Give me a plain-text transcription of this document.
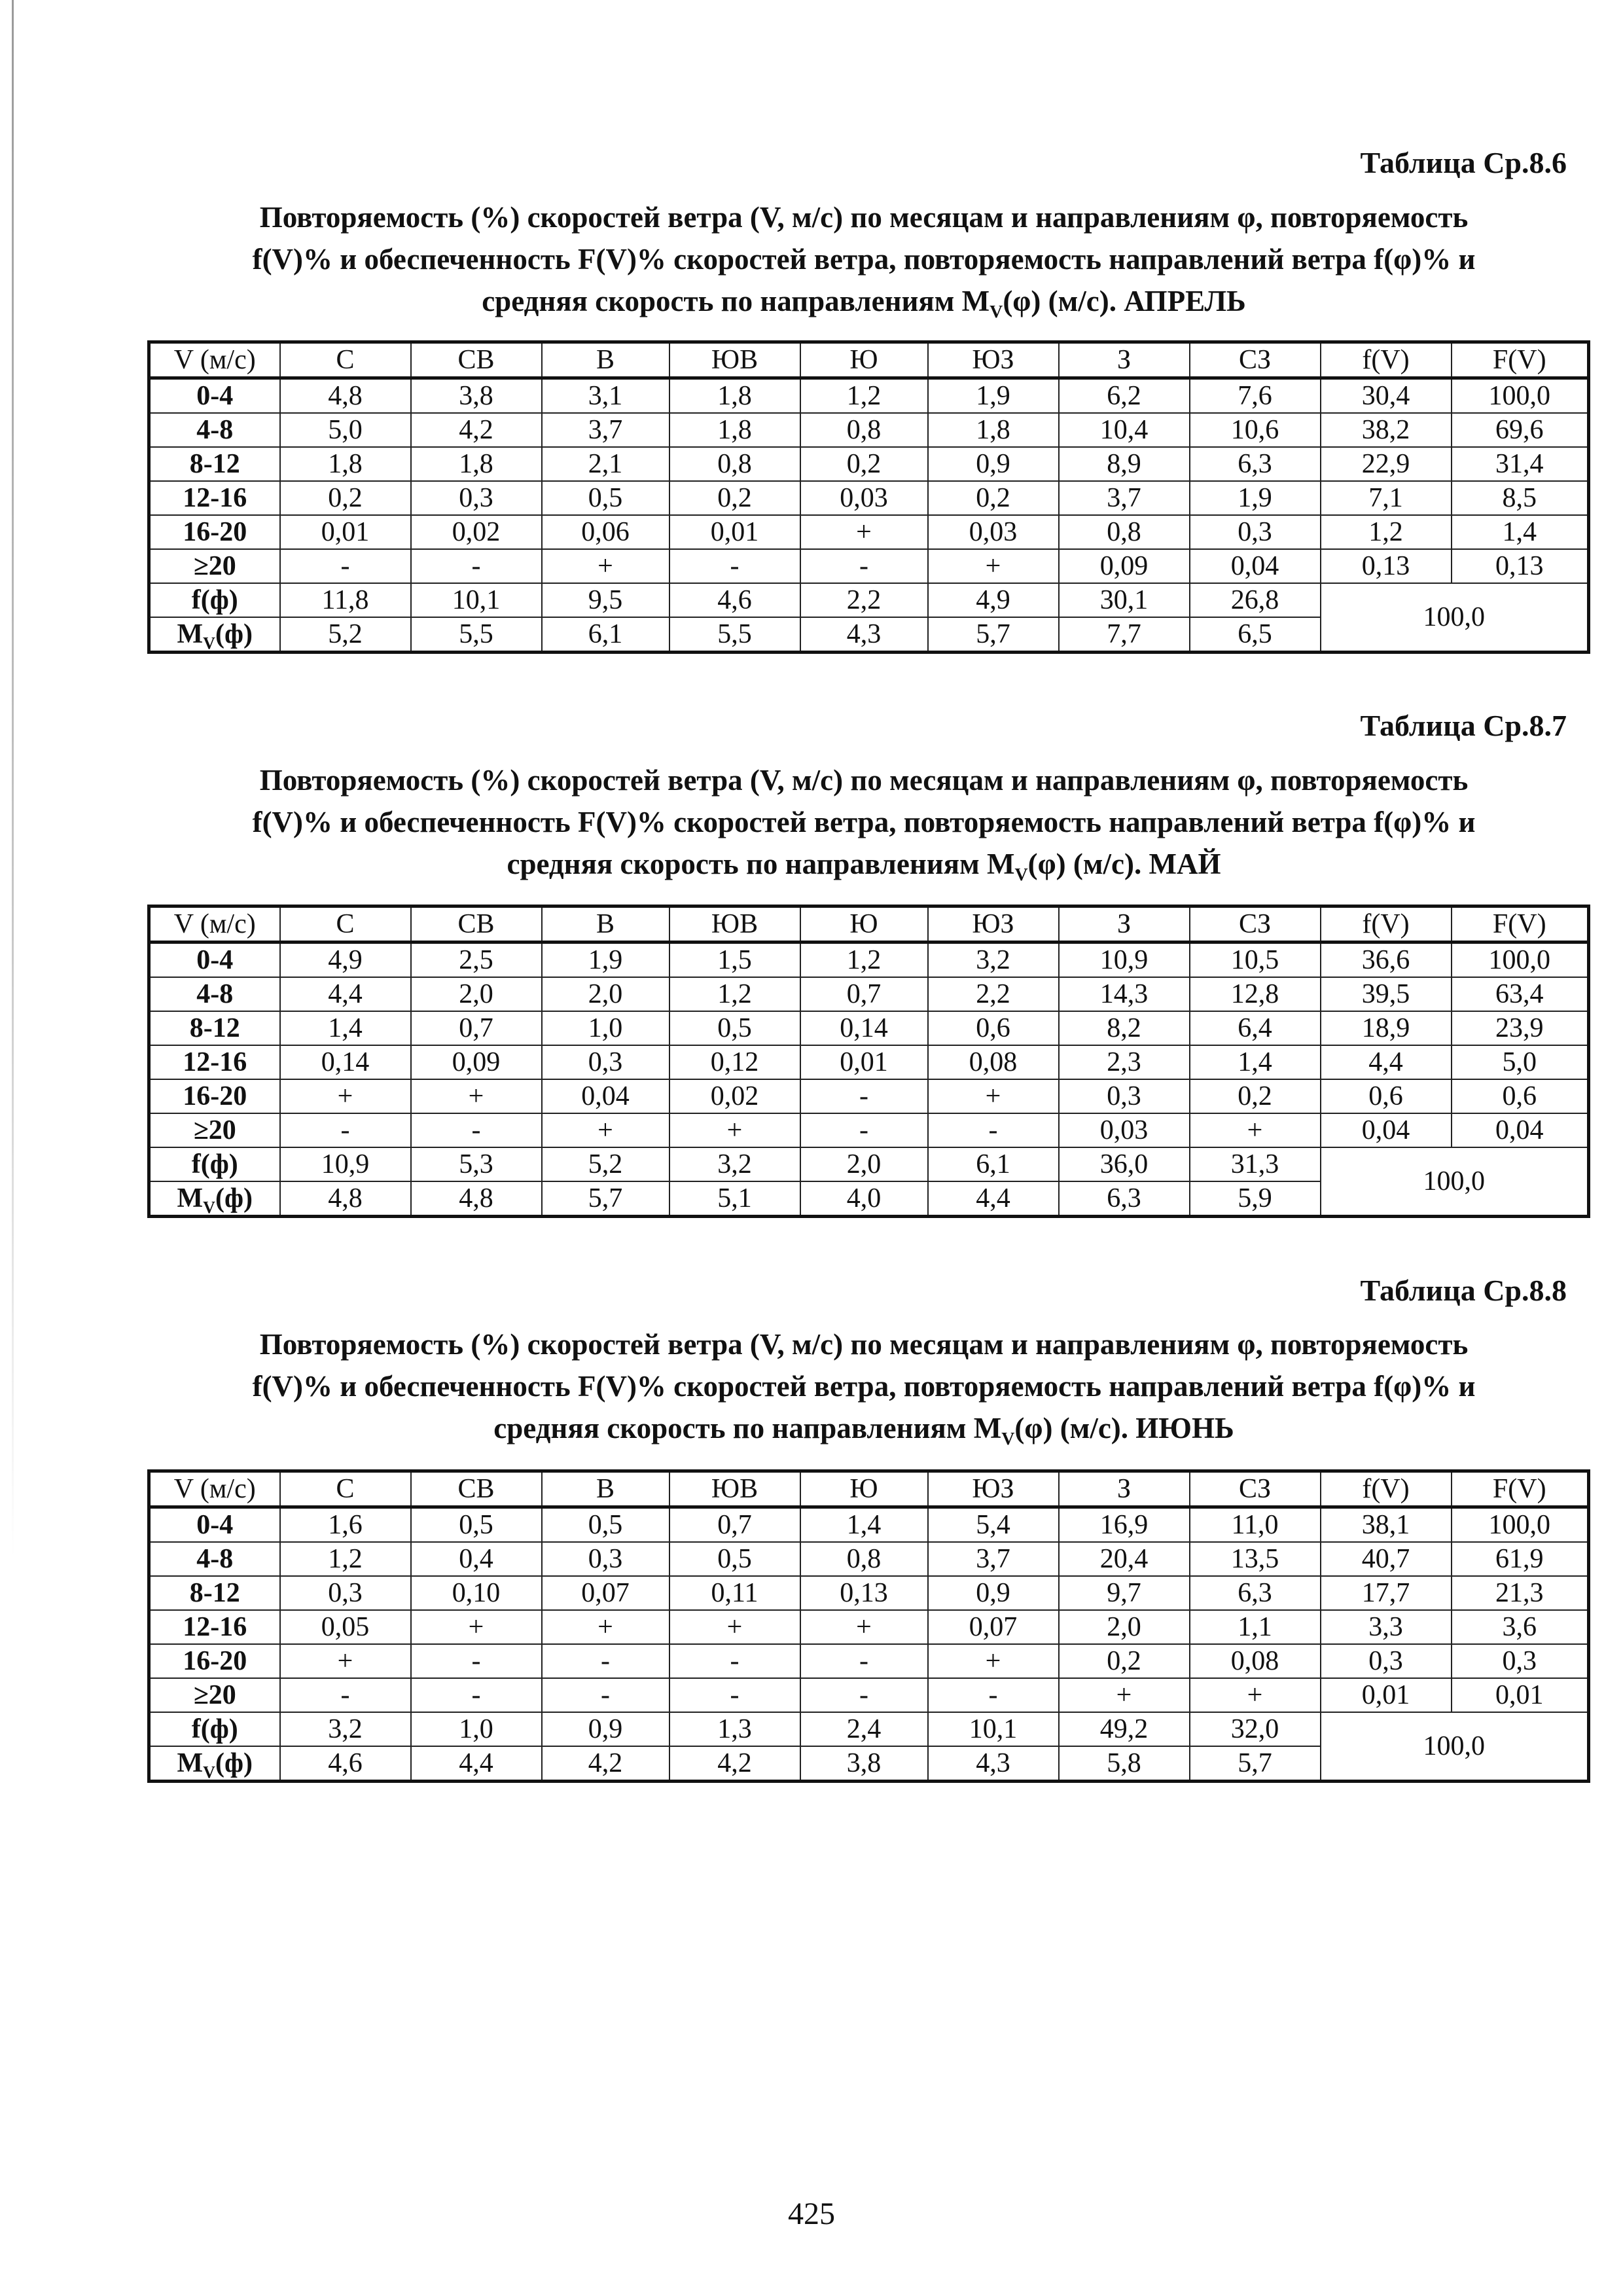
Таблица Ср.8.6
Повторяемость (%) скоростей ветра (V, м/с) по месяцам и направлениям φ, повторяемость
f(V)% и обеспеченность F(V)% скоростей ветра, повторяемость направлений ветра f(φ)% и
средняя скорость по направлениям $M_V(\varphi)$ (м/с). АПРЕЛЬ
V (м/с)	С	СВ	В	ЮВ	Ю	ЮЗ	З	СЗ	f(V)	F(V)
0-4	4,8	3,8	3,1	1,8	1,2	1,9	6,2	7,6	30,4	100,0
4-8	5,0	4,2	3,7	1,8	0,8	1,8	10,4	10,6	38,2	69,6
8-12	1,8	1,8	2,1	0,8	0,2	0,9	8,9	6,3	22,9	31,4
12-16	0,2	0,3	0,5	0,2	0,03	0,2	3,7	1,9	7,1	8,5
16-20	0,01	0,02	0,06	0,01	+	0,03	0,8	0,3	1,2	1,4
≥20	-	-	+	-	-	+	0,09	0,04	0,13	0,13
f(ф)	11,8	10,1	9,5	4,6	2,2	4,9	30,1	26,8	100,0	
$M_V(ф)$	5,2	5,5	6,1	5,5	4,3	5,7	7,7	6,5		
Таблица Ср.8.7
Повторяемость (%) скоростей ветра (V, м/с) по месяцам и направлениям φ, повторяемость
f(V)% и обеспеченность F(V)% скоростей ветра, повторяемость направлений ветра f(φ)% и
средняя скорость по направлениям $M_V(\varphi)$ (м/с). МАЙ
V (м/с)	С	СВ	В	ЮВ	Ю	ЮЗ	З	СЗ	f(V)	F(V)
0-4	4,9	2,5	1,9	1,5	1,2	3,2	10,9	10,5	36,6	100,0
4-8	4,4	2,0	2,0	1,2	0,7	2,2	14,3	12,8	39,5	63,4
8-12	1,4	0,7	1,0	0,5	0,14	0,6	8,2	6,4	18,9	23,9
12-16	0,14	0,09	0,3	0,12	0,01	0,08	2,3	1,4	4,4	5,0
16-20	+	+	0,04	0,02	-	+	0,3	0,2	0,6	0,6
≥20	-	-	+	+	-	-	0,03	+	0,04	0,04
f(ф)	10,9	5,3	5,2	3,2	2,0	6,1	36,0	31,3	100,0	
$M_V(ф)$	4,8	4,8	5,7	5,1	4,0	4,4	6,3	5,9		
Таблица Ср.8.8
Повторяемость (%) скоростей ветра (V, м/с) по месяцам и направлениям φ, повторяемость
f(V)% и обеспеченность F(V)% скоростей ветра, повторяемость направлений ветра f(φ)% и
средняя скорость по направлениям $M_V(\varphi)$ (м/с). ИЮНЬ
V (м/с)	С	СВ	В	ЮВ	Ю	ЮЗ	З	СЗ	f(V)	F(V)
0-4	1,6	0,5	0,5	0,7	1,4	5,4	16,9	11,0	38,1	100,0
4-8	1,2	0,4	0,3	0,5	0,8	3,7	20,4	13,5	40,7	61,9
8-12	0,3	0,10	0,07	0,11	0,13	0,9	9,7	6,3	17,7	21,3
12-16	0,05	+	+	+	+	0,07	2,0	1,1	3,3	3,6
16-20	+	-	-	-	-	+	0,2	0,08	0,3	0,3
≥20	-	-	-	-	-	-	+	+	0,01	0,01
f(ф)	3,2	1,0	0,9	1,3	2,4	10,1	49,2	32,0	100,0	
$M_V(ф)$	4,6	4,4	4,2	4,2	3,8	4,3	5,8	5,7		
425
